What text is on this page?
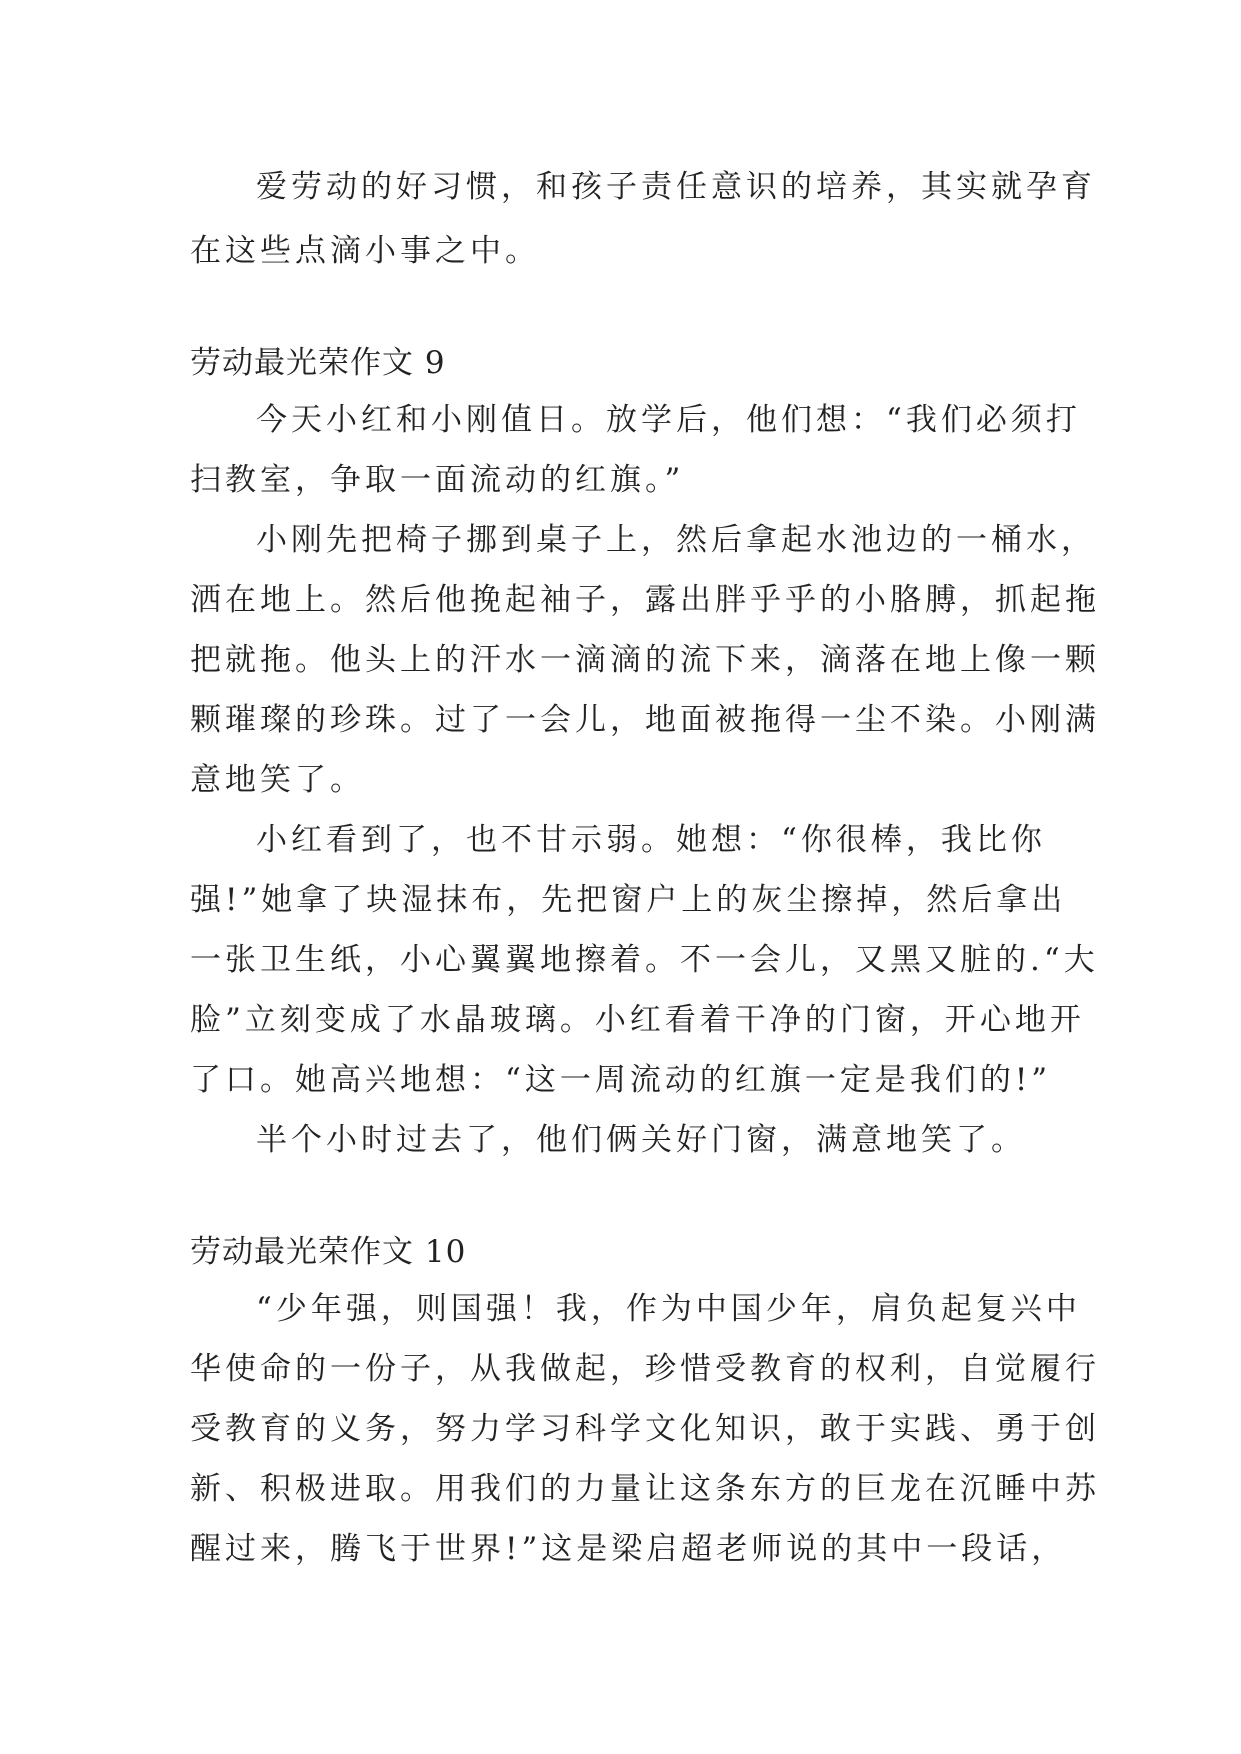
爱劳动的好习惯，和孩子责任意识的培养，其实就孕育
在这些点滴小事之中。
劳动最光荣作文 9
今天小红和小刚值日。放学后，他们想：“我们必须打
扫教室，争取一面流动的红旗。”
小刚先把椅子挪到桌子上，然后拿起水池边的一桶水，
洒在地上。然后他挽起袖子，露出胖乎乎的小胳膊，抓起拖
把就拖。他头上的汗水一滴滴的流下来，滴落在地上像一颗
颗璀璨的珍珠。过了一会儿，地面被拖得一尘不染。小刚满
意地笑了。
小红看到了，也不甘示弱。她想：“你很棒，我比你
强!”她拿了块湿抹布，先把窗户上的灰尘擦掉，然后拿出
一张卫生纸，小心翼翼地擦着。不一会儿，又黑又脏的.“大
脸”立刻变成了水晶玻璃。小红看着干净的门窗，开心地开
了口。她高兴地想：“这一周流动的红旗一定是我们的!”
半个小时过去了，他们俩关好门窗，满意地笑了。
劳动最光荣作文 10
“少年强，则国强！我，作为中国少年，肩负起复兴中
华使命的一份子，从我做起，珍惜受教育的权利，自觉履行
受教育的义务，努力学习科学文化知识，敢于实践、勇于创
新、积极进取。用我们的力量让这条东方的巨龙在沉睡中苏
醒过来，腾飞于世界!”这是梁启超老师说的其中一段话，
